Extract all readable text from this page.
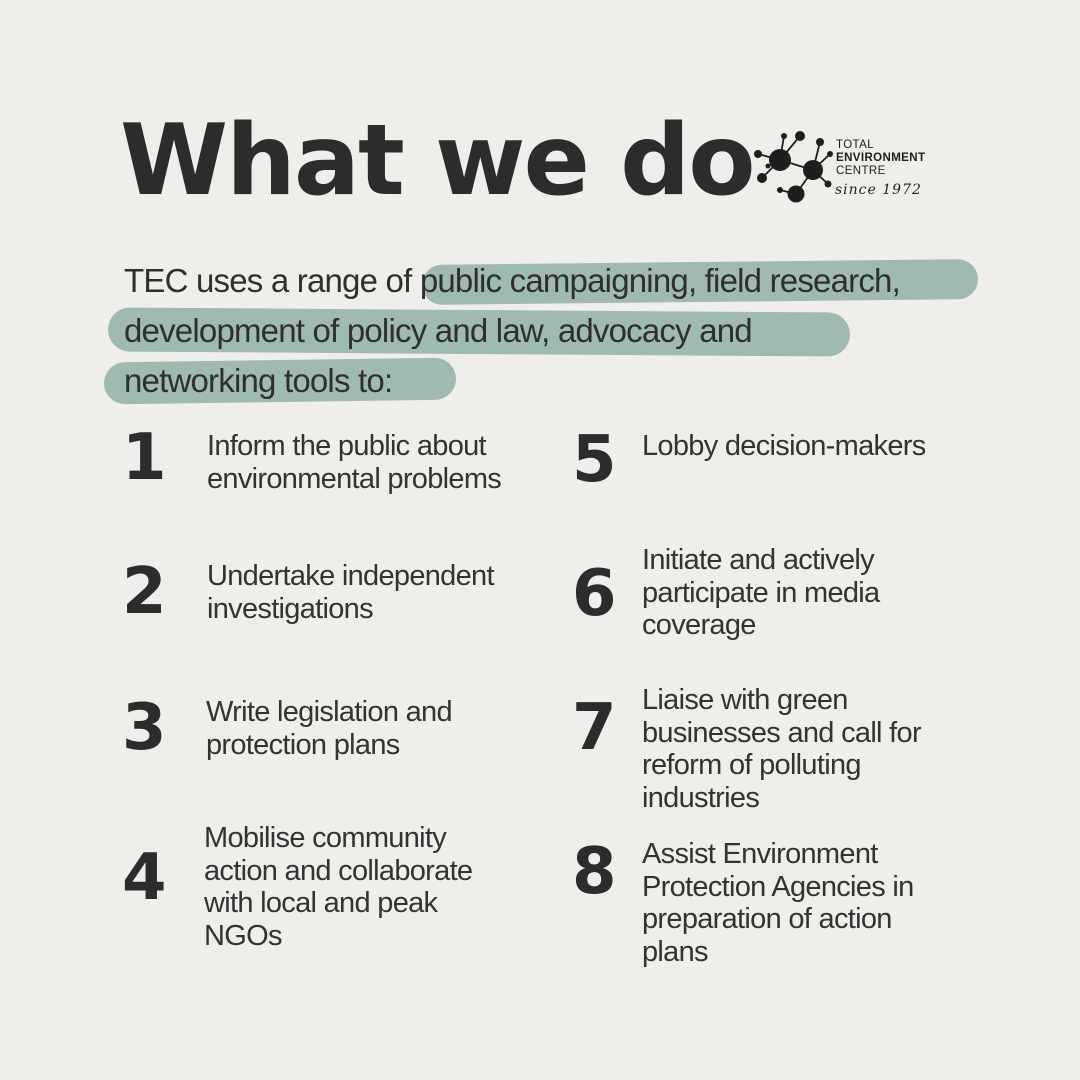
What we do	TOTAL
ENVIRONMENT
CENTRE
since 1972

TEC uses a range of public campaigning, field research,
development of policy and law, advocacy and
networking tools to:

1 Inform the public about environmental problems
2 Undertake independent investigations
3 Write legislation and protection plans
4
Mobilise community action and collaborate with local and peak NGOs
5 Lobby decision-makers
6 Initiate and actively participate in media coverage
7 Liaise with green businesses and call for reform of polluting industries
8 Assist Environment Protection Agencies in preparation of action plans
